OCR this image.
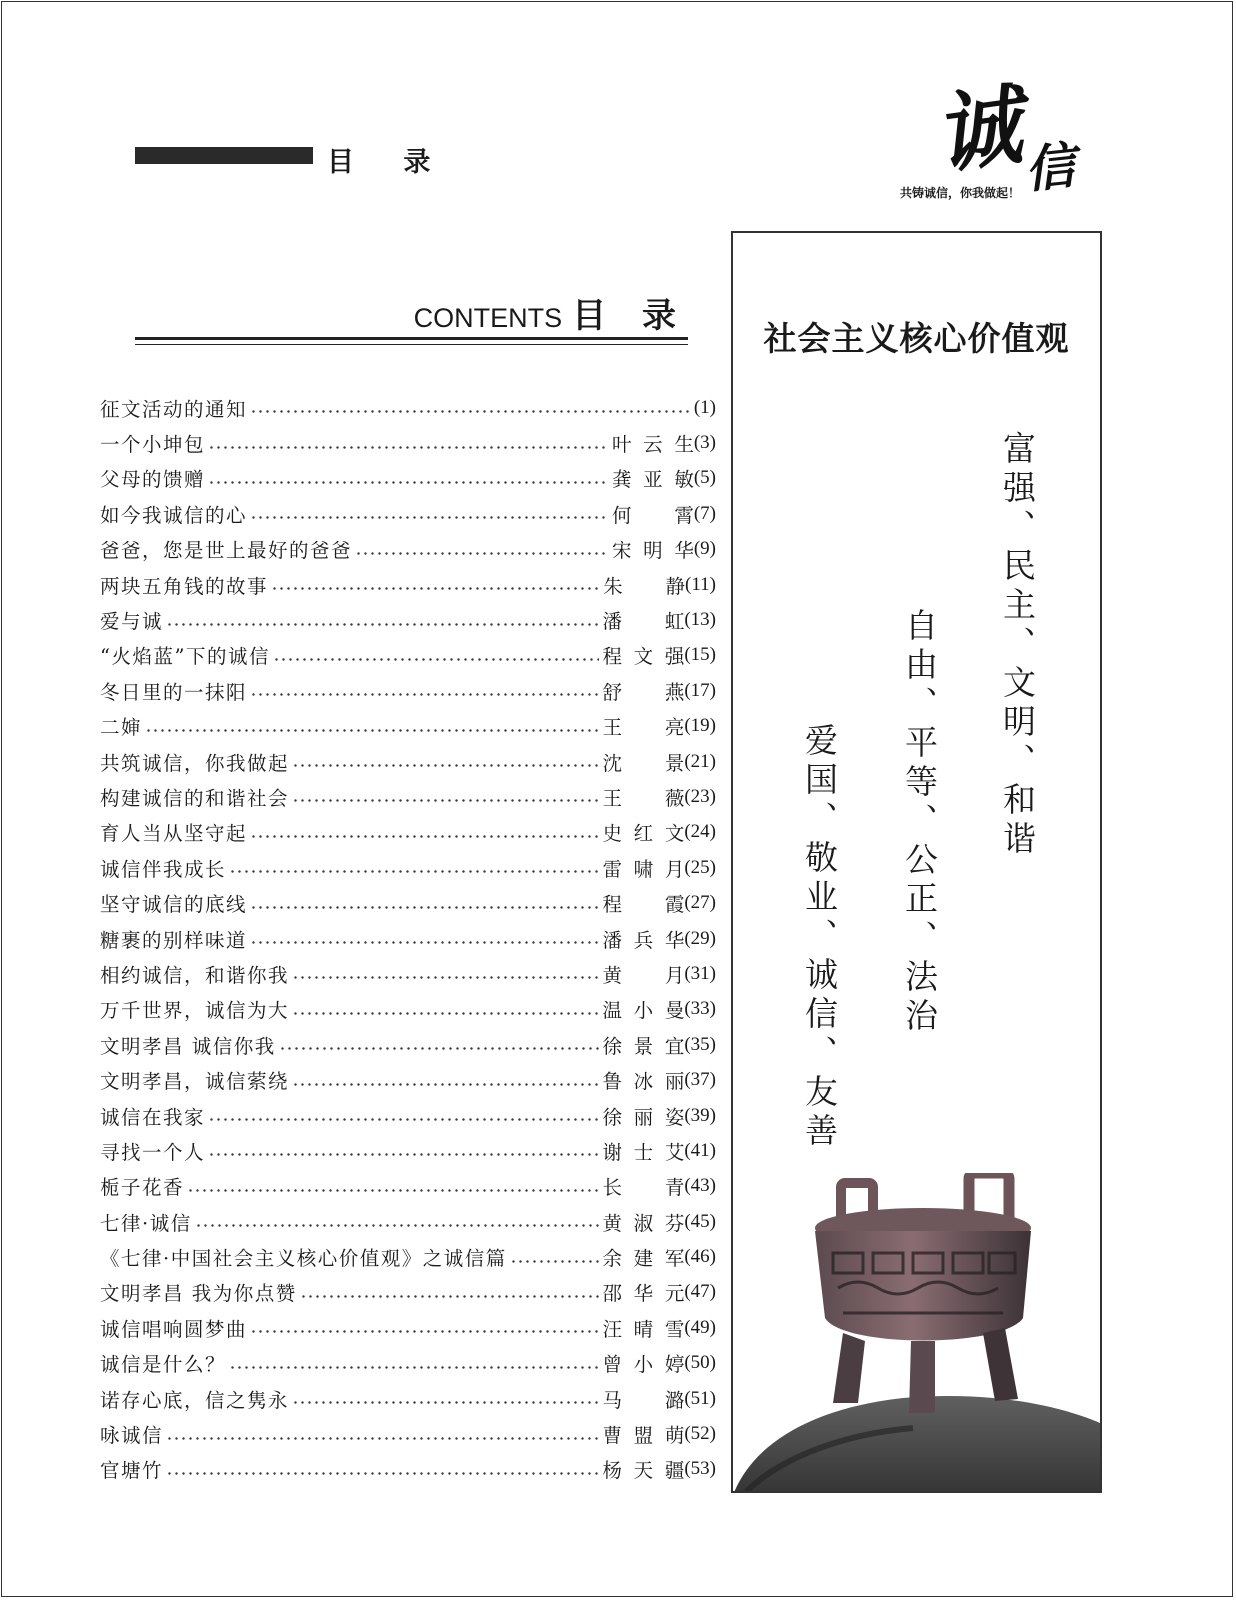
目 录	诚
信
共铸诚信，你我做起！
CONTENTS 目 录
征文活动的通知	(1)
一个小坤包	叶云生 (3)
父母的馈赠	龚亚敏 (5)
如今我诚信的心	何 霄 (7)
爸爸，您是世上最好的爸爸	宋明华 (9)
两块五角钱的故事	朱 静 (11)
爱与诚	潘 虹 (13)
“火焰蓝”下的诚信	程文强 (15)
冬日里的一抹阳	舒 燕 (17)
二婶	王 亮 (19)
共筑诚信，你我做起	沈 景 (21)
构建诚信的和谐社会	王 薇 (23)
育人当从坚守起	史红文 (24)
诚信伴我成长	雷啸月 (25)
坚守诚信的底线	程 霞 (27)
糖裹的别样味道	潘兵华 (29)
相约诚信，和谐你我	黄 月 (31)
万千世界，诚信为大	温小曼 (33)
文明孝昌 诚信你我	徐景宜 (35)
文明孝昌，诚信萦绕	鲁冰丽 (37)
诚信在我家	徐丽姿 (39)
寻找一个人	谢士艾 (41)
栀子花香	长 青 (43)
七律·诚信	黄淑芬 (45)
《七律·中国社会主义核心价值观》之诚信篇	余建军 (46)
文明孝昌 我为你点赞	邵华元 (47)
诚信唱响圆梦曲	汪晴雪 (49)
诚信是什么？	曾小婷 (50)
诺存心底，信之隽永	马 潞 (51)
咏诚信	曹盟萌 (52)
官塘竹	杨天疆 (53)
社会主义核心价值观
富强、民主、文明、和谐
自由、平等、公正、法治
爱国、敬业、诚信、友善
